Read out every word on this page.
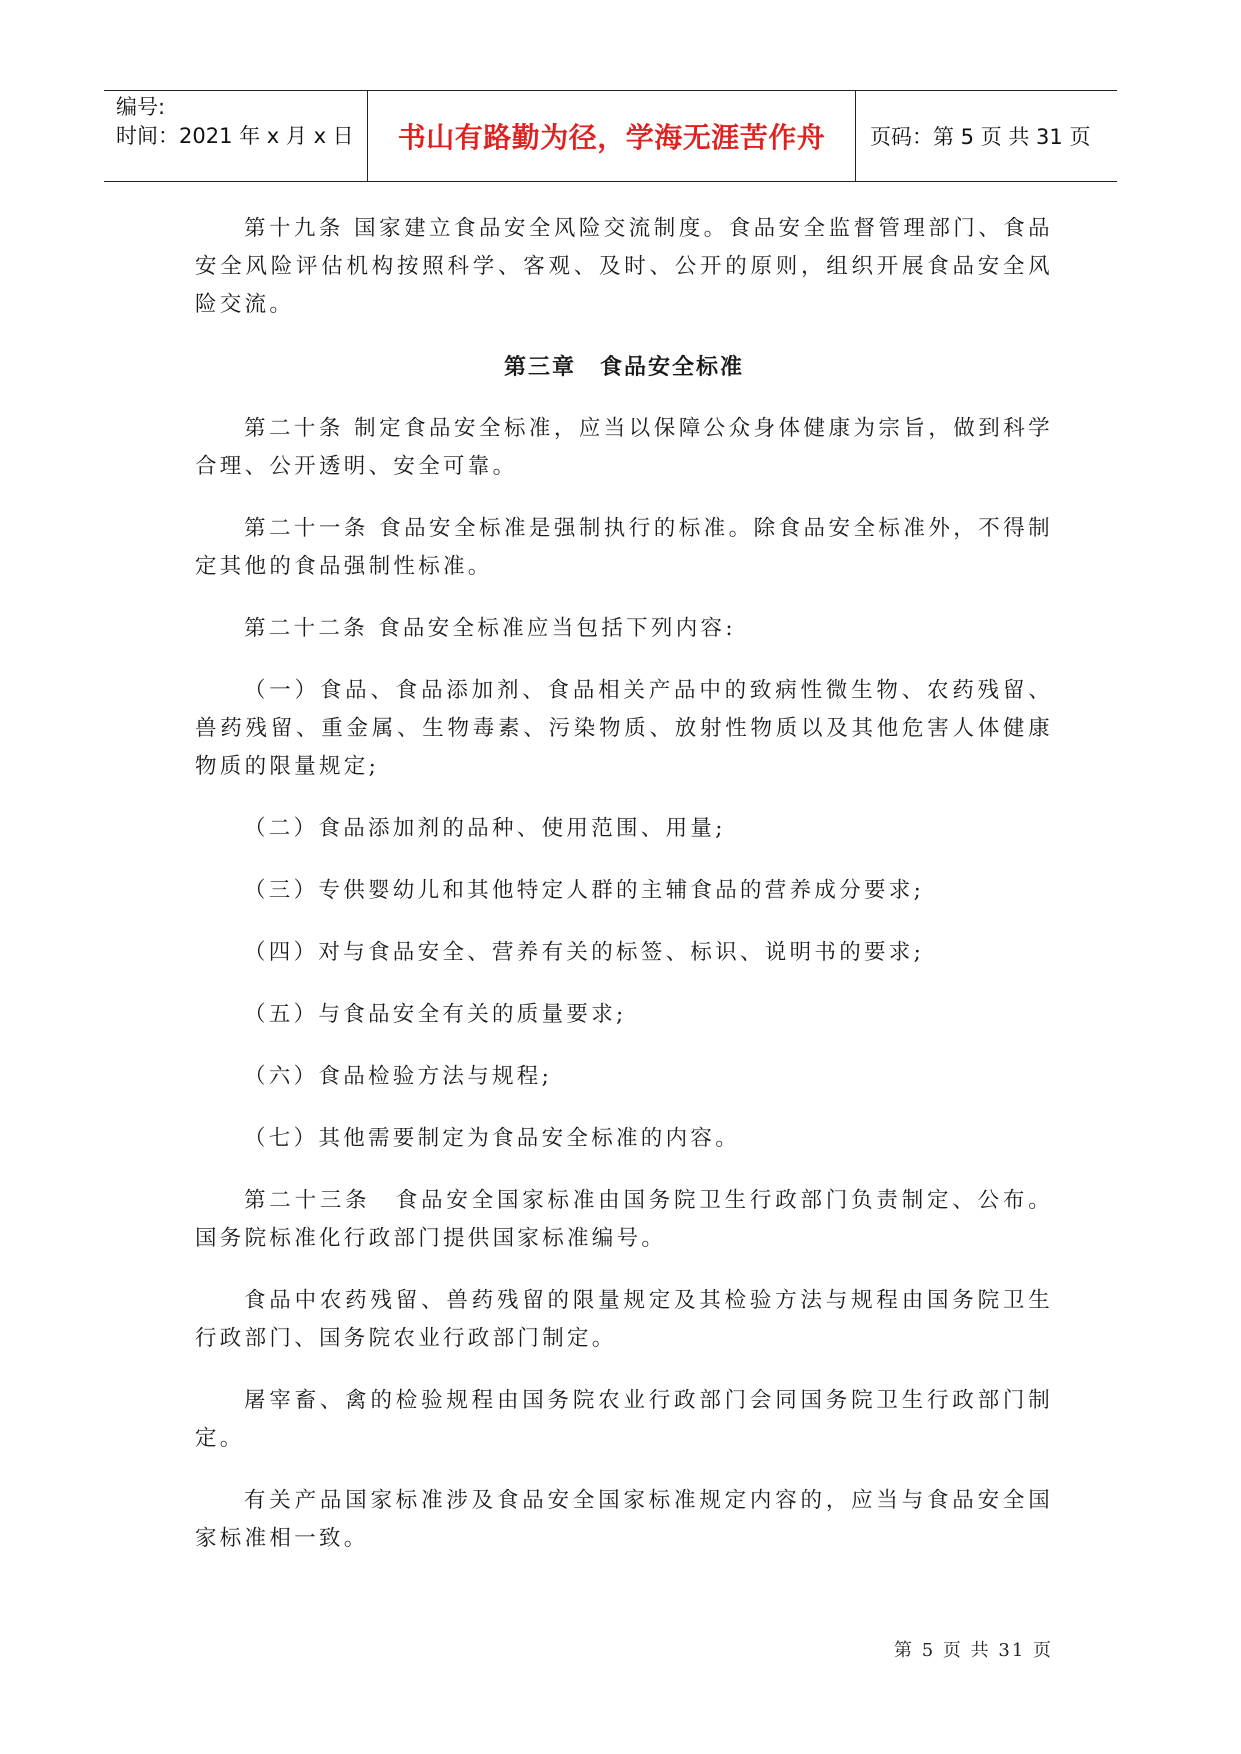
编号:
时间：2021 年 x 月 x 日	书山有路勤为径，学海无涯苦作舟	页码：第 5 页 共 31 页

第十九条 国家建立食品安全风险交流制度。食品安全监督管理部门、食品安全风险评估机构按照科学、客观、及时、公开的原则，组织开展食品安全风险交流。

第三章　食品安全标准

第二十条 制定食品安全标准，应当以保障公众身体健康为宗旨，做到科学合理、公开透明、安全可靠。

第二十一条 食品安全标准是强制执行的标准。除食品安全标准外，不得制定其他的食品强制性标准。

第二十二条 食品安全标准应当包括下列内容:

（一）食品、食品添加剂、食品相关产品中的致病性微生物、农药残留、兽药残留、重金属、生物毒素、污染物质、放射性物质以及其他危害人体健康物质的限量规定;

（二）食品添加剂的品种、使用范围、用量;

（三）专供婴幼儿和其他特定人群的主辅食品的营养成分要求;

（四）对与食品安全、营养有关的标签、标识、说明书的要求;

（五）与食品安全有关的质量要求;

（六）食品检验方法与规程;

（七）其他需要制定为食品安全标准的内容。

第二十三条　食品安全国家标准由国务院卫生行政部门负责制定、公布。国务院标准化行政部门提供国家标准编号。

食品中农药残留、兽药残留的限量规定及其检验方法与规程由国务院卫生行政部门、国务院农业行政部门制定。

屠宰畜、禽的检验规程由国务院农业行政部门会同国务院卫生行政部门制定。

有关产品国家标准涉及食品安全国家标准规定内容的，应当与食品安全国家标准相一致。

第 5 页 共 31 页
